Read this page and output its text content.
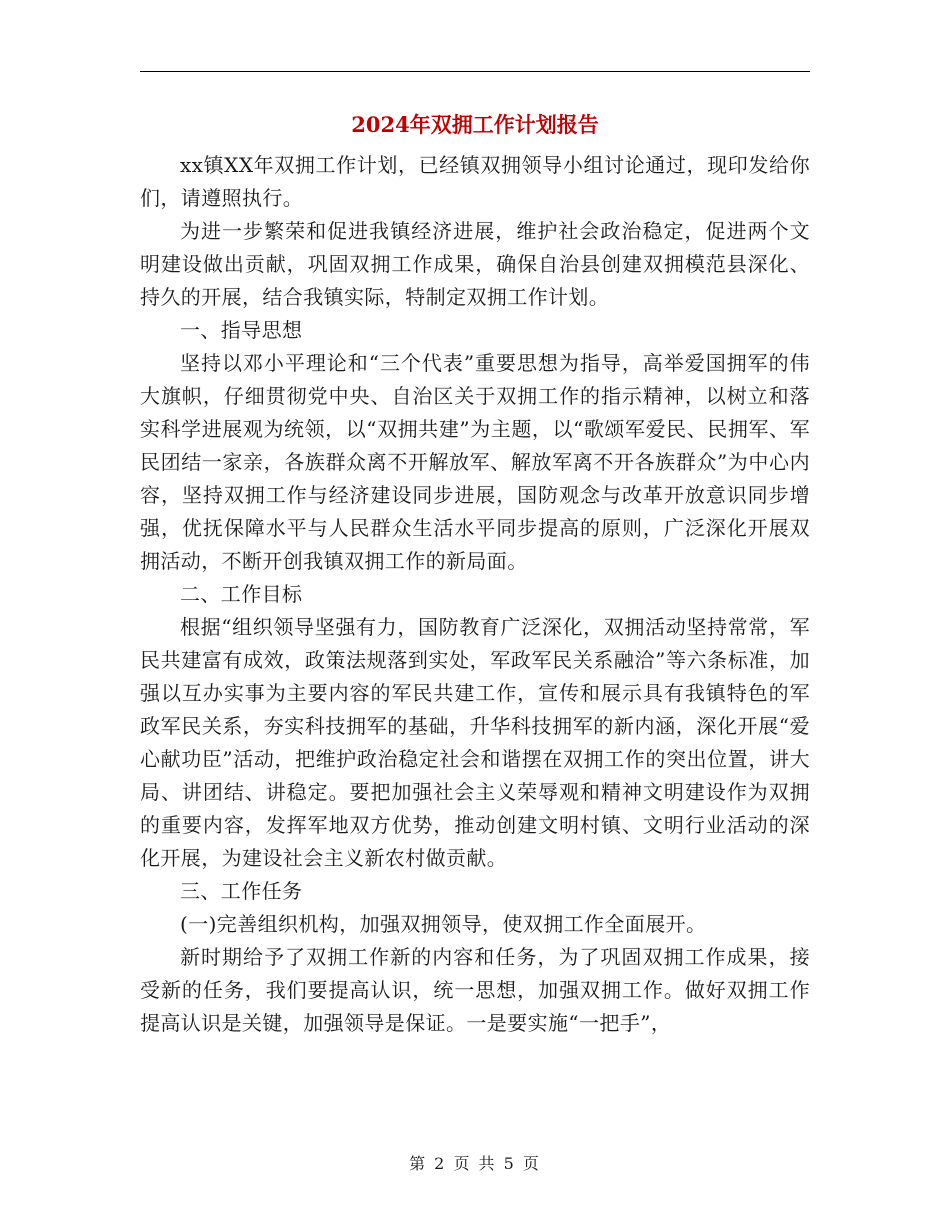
2024年双拥工作计划报告

xx镇XX年双拥工作计划，已经镇双拥领导小组讨论通过，现印发给你们，请遵照执行。

为进一步繁荣和促进我镇经济进展，维护社会政治稳定，促进两个文明建设做出贡献，巩固双拥工作成果，确保自治县创建双拥模范县深化、持久的开展，结合我镇实际，特制定双拥工作计划。

一、指导思想

坚持以邓小平理论和“三个代表”重要思想为指导，高举爱国拥军的伟大旗帜，仔细贯彻党中央、自治区关于双拥工作的指示精神，以树立和落实科学进展观为统领，以“双拥共建”为主题，以“歌颂军爱民、民拥军、军民团结一家亲，各族群众离不开解放军、解放军离不开各族群众”为中心内容，坚持双拥工作与经济建设同步进展，国防观念与改革开放意识同步增强，优抚保障水平与人民群众生活水平同步提高的原则，广泛深化开展双拥活动，不断开创我镇双拥工作的新局面。

二、工作目标

根据“组织领导坚强有力，国防教育广泛深化，双拥活动坚持常常，军民共建富有成效，政策法规落到实处，军政军民关系融洽”等六条标准，加强以互办实事为主要内容的军民共建工作，宣传和展示具有我镇特色的军政军民关系，夯实科技拥军的基础，升华科技拥军的新内涵，深化开展“爱心献功臣”活动，把维护政治稳定社会和谐摆在双拥工作的突出位置，讲大局、讲团结、讲稳定。要把加强社会主义荣辱观和精神文明建设作为双拥的重要内容，发挥军地双方优势，推动创建文明村镇、文明行业活动的深化开展，为建设社会主义新农村做贡献。

三、工作任务

(一)完善组织机构，加强双拥领导，使双拥工作全面展开。

新时期给予了双拥工作新的内容和任务，为了巩固双拥工作成果，接受新的任务，我们要提高认识，统一思想，加强双拥工作。做好双拥工作提高认识是关键，加强领导是保证。一是要实施“一把手”，

第 2 页 共 5 页
